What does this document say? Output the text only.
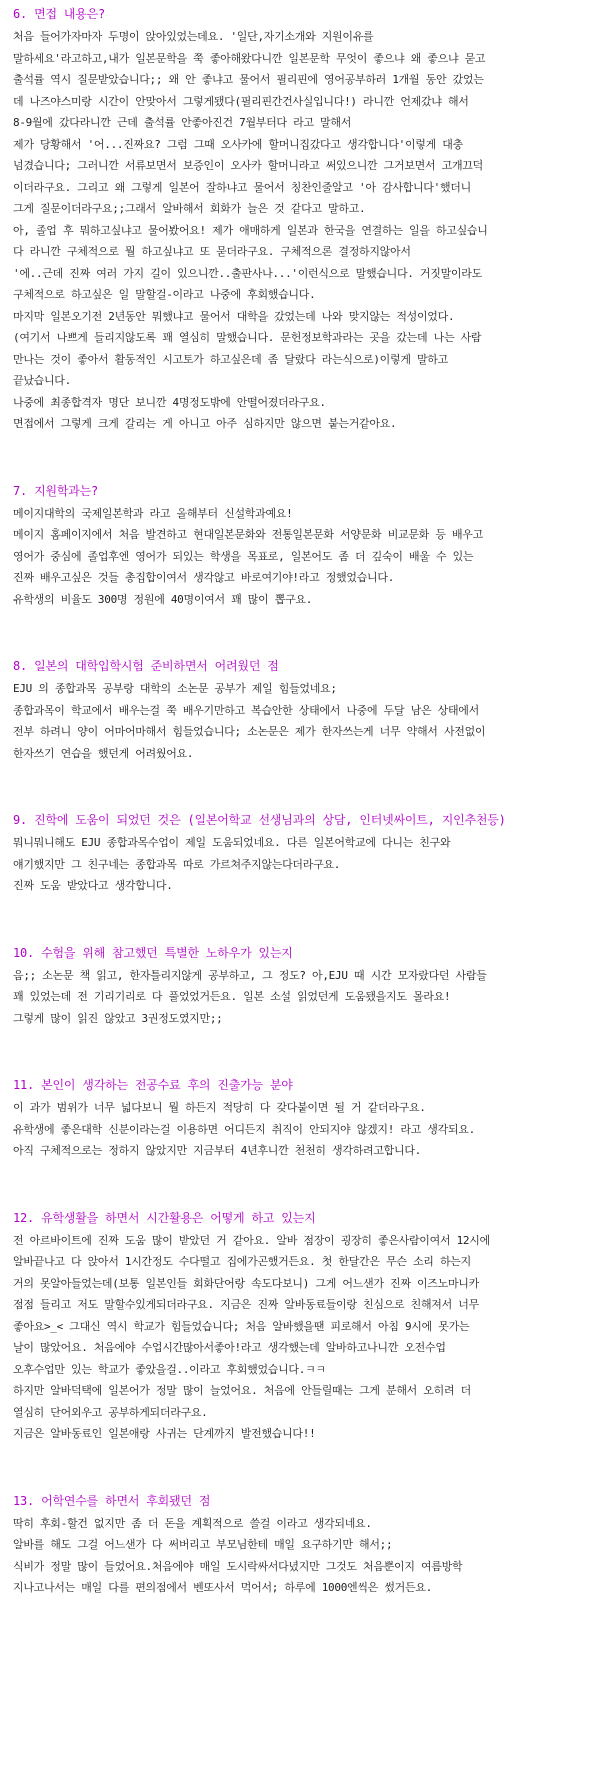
6. 면접 내용은?
처음 들어가자마자 두명이 앉아있었는데요. '일단,자기소개와 지원이유를
말하세요'라고하고,내가 일본문학을 쭉 좋아해왔다니깐 일본문학 무엇이 좋으냐 왜 좋으냐 묻고
출석률 역시 질문받았습니다;; 왜 안 좋냐고 물어서 필리핀에 영어공부하러 1개월 동안 갔었는
데 나즈야스미랑 시간이 안맞아서 그렇게됐다(필리핀간건사실입니다!) 라니깐 언제갔냐 해서
8-9월에 갔다라니깐 근데 출석률 안좋아진건 7월부터다 라고 말해서
제가 당황해서 '어...진짜요? 그럼 그때 오사카에 할머니집갔다고 생각합니다'이렇게 대충
넘겼습니다; 그러니깐 서류보면서 보증인이 오사카 할머니라고 써있으니깐 그거보면서 고개끄덕
이더라구요. 그리고 왜 그렇게 일본어 잘하냐고 물어서 칭찬인줄알고 '아 감사합니다'했더니
그게 질문이더라구요;;그래서 알바해서 회화가 늘은 것 같다고 말하고.
아, 졸업 후 뭐하고싶냐고 물어봤어요! 제가 애매하게 일본과 한국을 연결하는 일을 하고싶습니
다 라니깐 구체적으로 뭘 하고싶냐고 또 묻더라구요. 구체적으론 결정하지않아서
'에..근데 진짜 여러 가지 길이 있으니깐..출판사나...'이런식으로 말했습니다. 거짓말이라도
구체적으로 하고싶은 일 말할걸-이라고 나중에 후회했습니다.
마지막 일본오기전 2년동안 뭐했냐고 물어서 대학을 갔었는데 나와 맞지않는 적성이었다.
(여기서 나쁘게 들리지않도록 꽤 열심히 말했습니다. 문헌정보학과라는 곳을 갔는데 나는 사람
만나는 것이 좋아서 활동적인 시고토가 하고싶은데 좀 달랐다 라는식으로)이렇게 말하고
끝났습니다.
나중에 최종합격자 명단 보니깐 4명정도밖에 안떨어졌더라구요.
면접에서 그렇게 크게 갈리는 게 아니고 아주 심하지만 않으면 붙는거같아요.
7. 지원학과는?
메이지대학의 국제일본학과 라고 올해부터 신설학과예요!
메이지 홈페이지에서 처음 발견하고 현대일본문화와 전통일본문화 서양문화 비교문화 등 배우고
영어가 중심에 졸업후엔 영어가 되있는 학생을 목표로, 일본어도 좀 더 깊숙이 배울 수 있는
진짜 배우고싶은 것들 총집합이여서 생각않고 바로여기야!라고 정했었습니다.
유학생의 비율도 300명 정원에 40명이여서 꽤 많이 뽑구요.
8. 일본의 대학입학시험 준비하면서 어려웠던 점
EJU 의 종합과목 공부랑 대학의 소논문 공부가 제일 힘들었네요;
종합과목이 학교에서 배우는걸 쭉 배우기만하고 복습안한 상태에서 나중에 두달 남은 상태에서
전부 하려니 양이 어마어마해서 힘들었습니다; 소논문은 제가 한자쓰는게 너무 약해서 사전없이
한자쓰기 연습을 했던게 어려웠어요.
9. 진학에 도움이 되었던 것은 (일본어학교 선생님과의 상담, 인터넷싸이트, 지인추천등)
뭐니뭐니해도 EJU 종합과목수업이 제일 도움되었네요. 다른 일본어학교에 다니는 친구와
얘기했지만 그 친구네는 종합과목 따로 가르쳐주지않는다더라구요.
진짜 도움 받았다고 생각합니다.
10. 수험을 위해 참고했던 특별한 노하우가 있는지
음;; 소논문 책 읽고, 한자틀리지않게 공부하고, 그 정도? 아,EJU 때 시간 모자랐다던 사람들
꽤 있었는데 전 기리기리로 다 풀었었거든요. 일본 소설 읽었던게 도움됐을지도 몰라요!
그렇게 많이 읽진 않았고 3권정도였지만;;
11. 본인이 생각하는 전공수료 후의 진출가능 분야
이 과가 범위가 너무 넓다보니 뭘 하든지 적당히 다 갖다붙이면 될 거 같더라구요.
유학생에 좋은대학 신분이라는걸 이용하면 어디든지 취직이 안되지야 않겠지! 라고 생각되요.
아직 구체적으로는 정하지 않았지만 지금부터 4년후니깐 천천히 생각하려고합니다.
12. 유학생활을 하면서 시간활용은 어떻게 하고 있는지
전 아르바이트에 진짜 도움 많이 받았던 거 같아요. 알바 점장이 굉장히 좋은사람이여서 12시에
알바끝나고 다 앉아서 1시간정도 수다떨고 집에가곤했거든요. 첫 한달간은 무슨 소리 하는지
거의 못알아들었는데(보통 일본인들 회화단어랑 속도다보니) 그게 어느샌가 진짜 이즈노마니카
점점 들리고 저도 말할수있게되더라구요. 지금은 진짜 알바동료들이랑 친심으로 친해져서 너무
좋아요>_< 그대신 역시 학교가 힘들었습니다; 처음 알바했을땐 피로해서 아침 9시에 못가는
날이 많았어요. 처음에야 수업시간많아서좋아!라고 생각했는데 알바하고나니깐 오전수업
오후수업만 있는 학교가 좋았을걸..이라고 후회했었습니다.ㅋㅋ
하지만 알바덕택에 일본어가 정말 많이 늘었어요. 처음에 안들릴때는 그게 분해서 오히려 더
열심히 단어외우고 공부하게되더라구요.
지금은 알바동료인 일본애랑 사귀는 단계까지 발전했습니다!!
13. 어학연수를 하면서 후회됐던 점
딱히 후회-할건 없지만 좀 더 돈을 계획적으로 쓸걸 이라고 생각되네요.
알바를 해도 그걸 어느샌가 다 써버리고 부모님한테 매일 요구하기만 해서;;
식비가 정말 많이 들었어요.처음에야 매일 도시락싸서다녔지만 그것도 처음뿐이지 여름방학
지나고나서는 매일 다를 편의점에서 벤또사서 먹어서; 하루에 1000엔씩은 썼거든요.
